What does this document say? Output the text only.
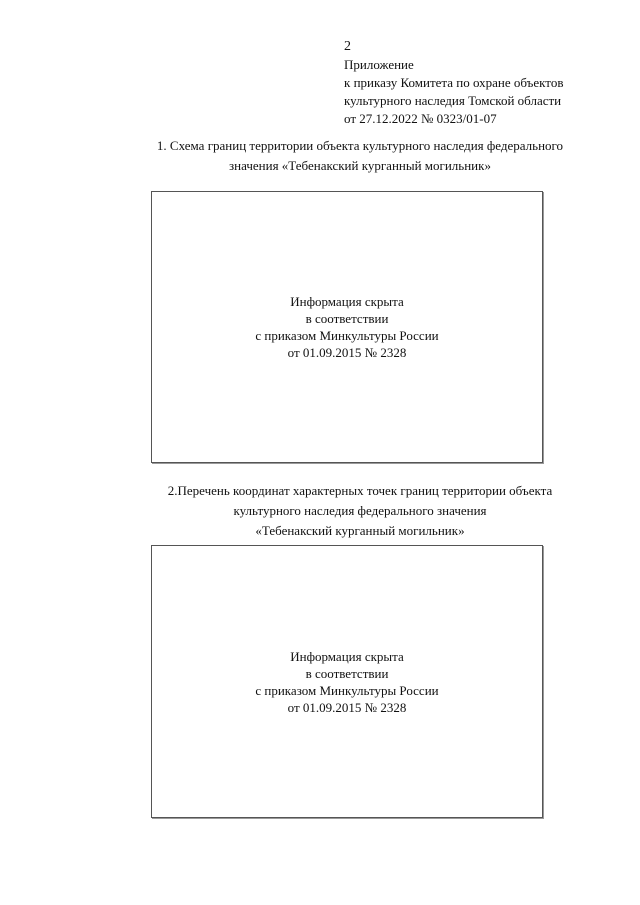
2
Приложение
к приказу Комитета по охране объектов
культурного наследия Томской области
от 27.12.2022 № 0323/01-07
1. Схема границ территории объекта культурного наследия федерального
значения «Тебенакский курганный могильник»
Информация скрыта
в соответствии
с приказом Минкультуры России
от 01.09.2015 № 2328
2.Перечень координат характерных точек границ территории объекта
культурного наследия федерального значения
«Тебенакский курганный могильник»
Информация скрыта
в соответствии
с приказом Минкультуры России
от 01.09.2015 № 2328
